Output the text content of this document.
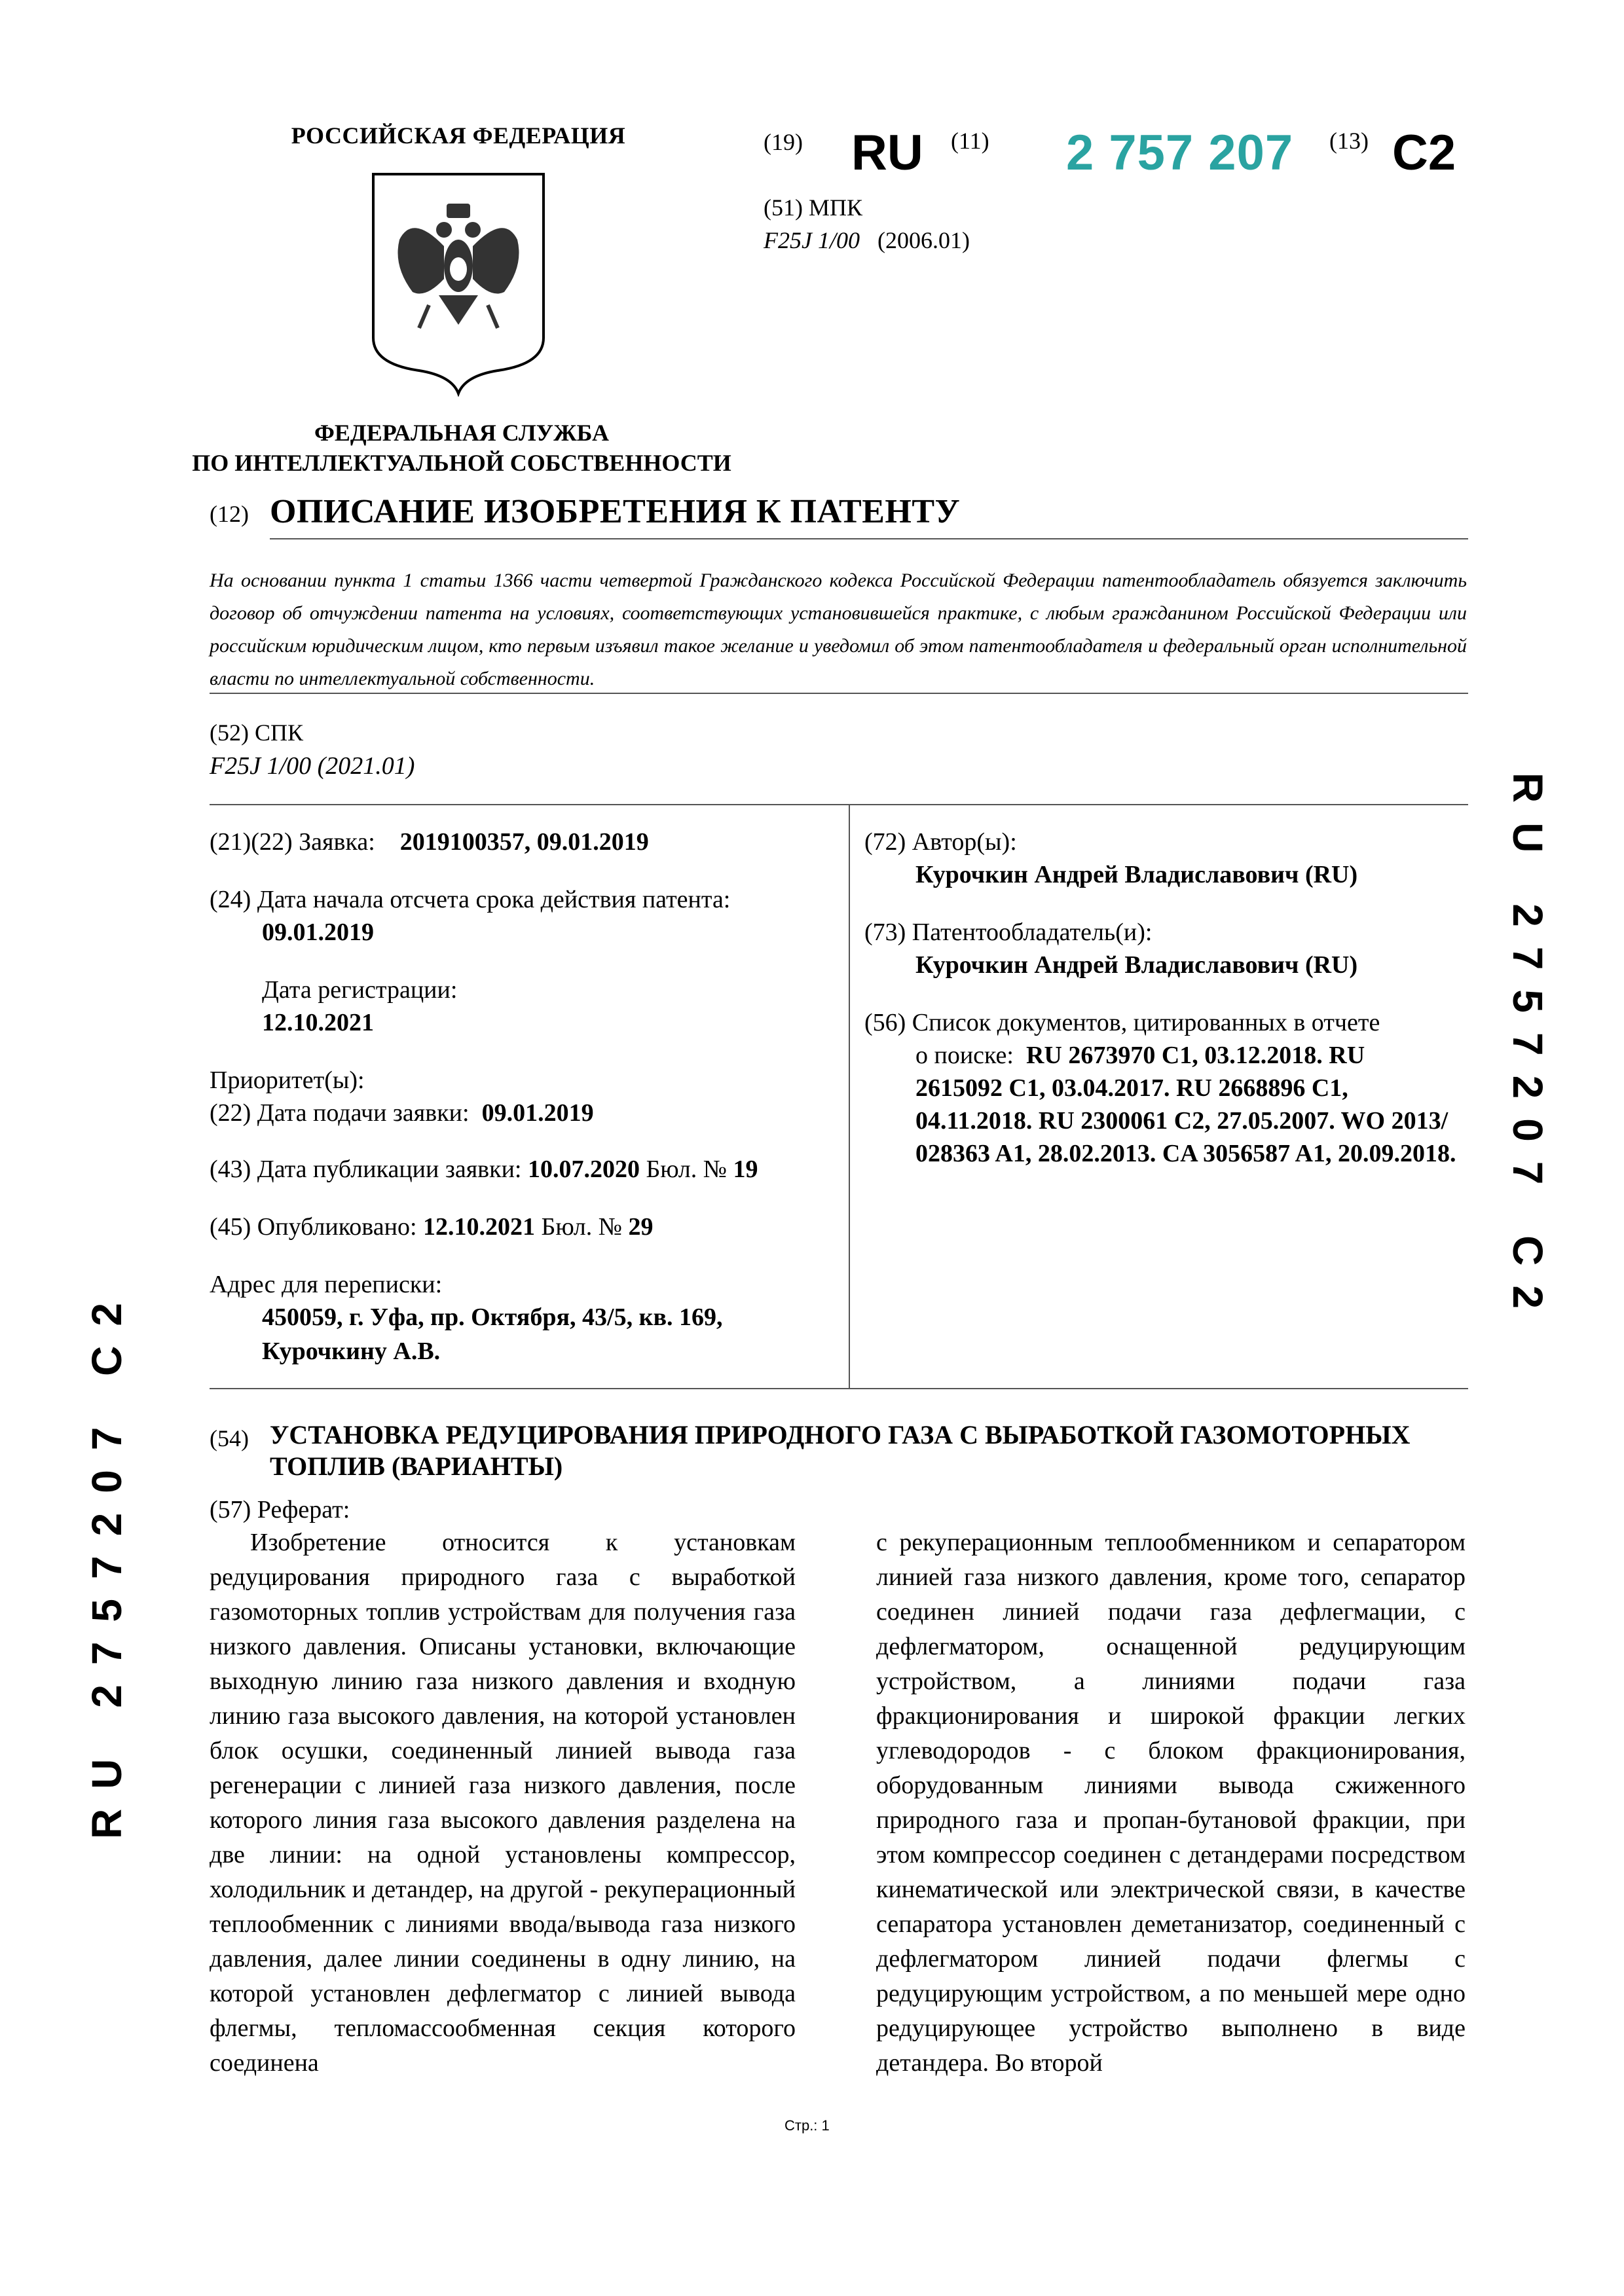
РОССИЙСКАЯ ФЕДЕРАЦИЯ
ФЕДЕРАЛЬНАЯ СЛУЖБА
ПО ИНТЕЛЛЕКТУАЛЬНОЙ СОБСТВЕННОСТИ
(19) RU (11) 2 757 207 (13) C2
(51) МПК
F25J 1/00 (2006.01)
(12) ОПИСАНИЕ ИЗОБРЕТЕНИЯ К ПАТЕНТУ
На основании пункта 1 статьи 1366 части четвертой Гражданского кодекса Российской Федерации патентообладатель обязуется заключить договор об отчуждении патента на условиях, соответствующих установившейся практике, с любым гражданином Российской Федерации или российским юридическим лицом, кто первым изъявил такое желание и уведомил об этом патентообладателя и федеральный орган исполнительной власти по интеллектуальной собственности.
(52) СПК
F25J 1/00 (2021.01)
(21)(22) Заявка: 2019100357, 09.01.2019
(24) Дата начала отсчета срока действия патента:
09.01.2019
Дата регистрации:
12.10.2021
Приоритет(ы):
(22) Дата подачи заявки: 09.01.2019
(43) Дата публикации заявки: 10.07.2020 Бюл. № 19
(45) Опубликовано: 12.10.2021 Бюл. № 29
Адрес для переписки:
450059, г. Уфа, пр. Октября, 43/5, кв. 169,
Курочкину А.В.
(72) Автор(ы):
Курочкин Андрей Владиславович (RU)
(73) Патентообладатель(и):
Курочкин Андрей Владиславович (RU)
(56) Список документов, цитированных в отчете
о поиске: RU 2673970 C1, 03.12.2018. RU
2615092 C1, 03.04.2017. RU 2668896 C1,
04.11.2018. RU 2300061 C2, 27.05.2007. WO 2013/
028363 A1, 28.02.2013. CA 3056587 A1, 20.09.2018. RU 2757207 C2
RU 2757207 C2	(54) УСТАНОВКА РЕДУЦИРОВАНИЯ ПРИРОДНОГО ГАЗА С ВЫРАБОТКОЙ ГАЗОМОТОРНЫХ ТОПЛИВ (ВАРИАНТЫ)
(57) Реферат:

Изобретение относится к установкам редуцирования природного газа с выработкой газомоторных топлив устройствам для получения газа низкого давления. Описаны установки, включающие выходную линию газа низкого давления и входную линию газа высокого давления, на которой установлен блок осушки, соединенный линией вывода газа регенерации с линией газа низкого давления, после которого линия газа высокого давления разделена на две линии: на одной установлены компрессор, холодильник и детандер, на другой - рекуперационный теплообменник с линиями ввода/вывода газа низкого давления, далее линии соединены в одну линию, на которой установлен дефлегматор с линией вывода флегмы, тепломассообменная секция которого соединена

с рекуперационным теплообменником и сепаратором линией газа низкого давления, кроме того, сепаратор соединен линией подачи газа дефлегмации, с дефлегматором, оснащенной редуцирующим устройством, а линиями подачи газа фракционирования и широкой фракции легких углеводородов - с блоком фракционирования, оборудованным линиями вывода сжиженного природного газа и пропан-бутановой фракции, при этом компрессор соединен с детандерами посредством кинематической или электрической связи, в качестве сепаратора установлен деметанизатор, соединенный с дефлегматором линией подачи флегмы с редуцирующим устройством, а по меньшей мере одно редуцирующее устройство выполнено в виде детандера. Во второй

Стр.: 1
